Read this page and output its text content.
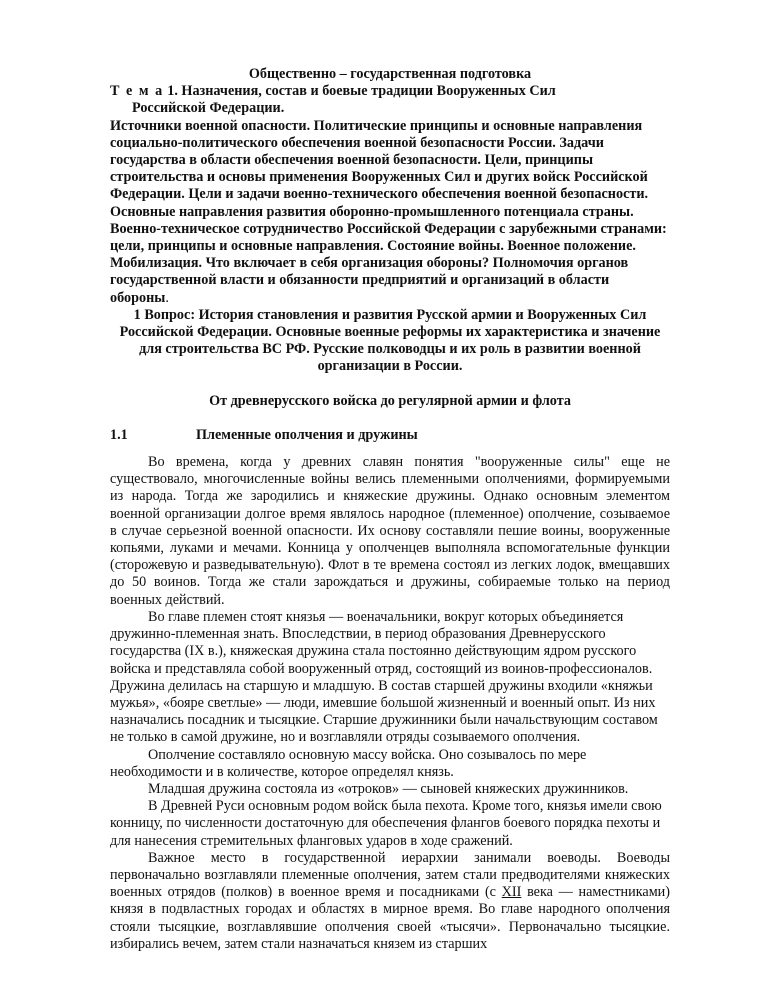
Общественно – государственная подготовка
Т е м а 1. Назначения, состав и боевые традиции Вооруженных Сил
Российской Федерации.
Источники военной опасности. Политические принципы и основные направления социально-политического обеспечения военной безопасности России. Задачи государства в области обеспечения военной безопасности. Цели, принципы строительства и основы применения Вооруженных Сил и других войск Российской Федерации. Цели и задачи военно-технического обеспечения военной безопасности. Основные направления развития оборонно-промышленного потенциала страны. Военно-техническое сотрудничество Российской Федерации с зарубежными странами: цели, принципы и основные направления. Состояние войны. Военное положение. Мобилизация. Что включает в себя организация обороны? Полномочия органов государственной власти и обязанности предприятий и организаций в области обороны.
1 Вопрос: История становления и развития Русской армии и Вооруженных Сил Российской Федерации. Основные военные реформы их характеристика и значение для строительства ВС РФ. Русские полководцы и их роль в развитии военной организации в России.
От древнерусского войска до регулярной армии и флота
1.1	Племенные ополчения и дружины
Во времена, когда у древних славян понятия "вооруженные силы" еще не существовало, многочисленные войны велись племенными ополчениями, формируемыми из народа. Тогда же зародились и княжеские дружины. Однако основным элементом военной организации долгое время являлось народное (племенное) ополчение, созываемое в случае серьезной военной опасности. Их основу составляли пешие воины, вооруженные копьями, луками и мечами. Конница у ополченцев выполняла вспомогательные функции (сторожевую и разведывательную). Флот в те времена состоял из легких лодок, вмещавших до 50 воинов. Тогда же стали зарождаться и дружины, собираемые только на период военных действий.
Во главе племен стоят князья — военачальники, вокруг которых объединяется дружинно-племенная знать. Впоследствии, в период образования Древнерусского государства (IX в.), княжеская дружина стала постоянно действующим ядром русского войска и представляла собой вооруженный отряд, состоящий из воинов-профессионалов. Дружина делилась на старшую и младшую. В состав старшей дружины входили «княжьи мужья», «бояре светлые» — люди, имевшие большой жизненный и военный опыт. Из них назначались посадник и тысяцкие. Старшие дружинники были начальствующим составом не только в самой дружине, но и возглавляли отряды созываемого ополчения.
Ополчение составляло основную массу войска. Оно созывалось по мере необходимости и в количестве, которое определял князь.
Младшая дружина состояла из «отроков» — сыновей княжеских дружинников.
В Древней Руси основным родом войск была пехота. Кроме того, князья имели свою конницу, по численности достаточную для обеспечения флангов боевого порядка пехоты и для нанесения стремительных фланговых ударов в ходе сражений.
Важное место в государственной иерархии занимали воеводы. Воеводы первоначально возглавляли племенные ополчения, затем стали предводителями княжеских военных отрядов (полков) в военное время и посадниками (с XII века — наместниками) князя в подвластных городах и областях в мирное время. Во главе народного ополчения стояли тысяцкие, возглавлявшие ополчения своей «тысячи». Первоначально тысяцкие. избирались вечем, затем стали назначаться князем из старших
